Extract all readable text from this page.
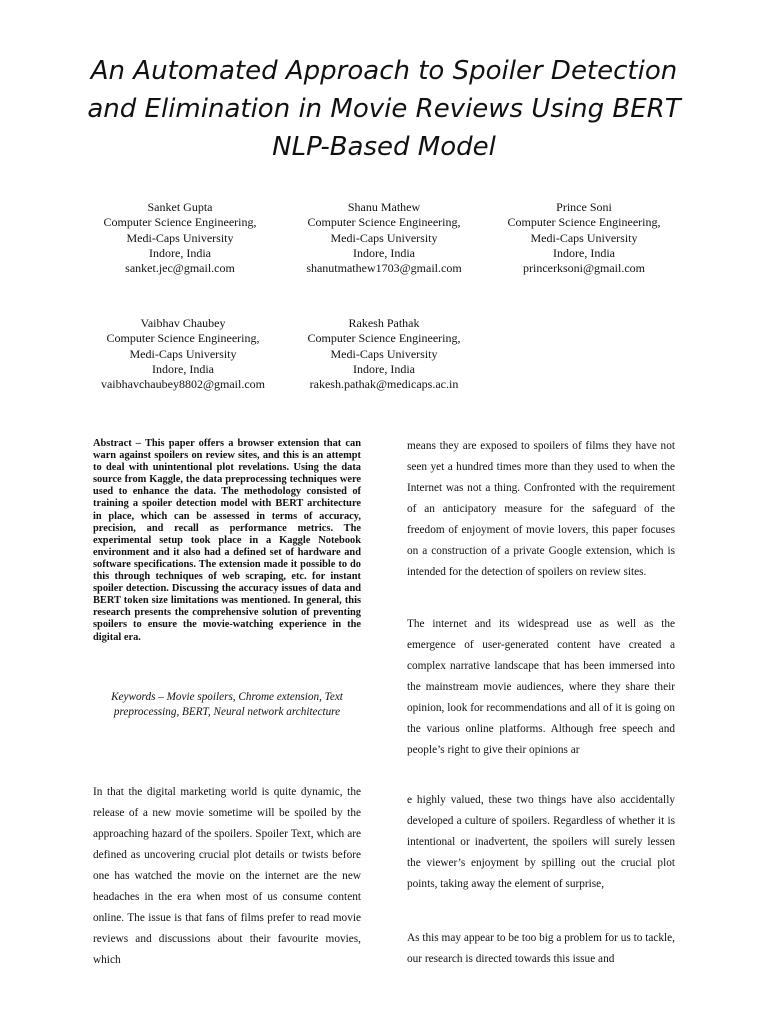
An Automated Approach to Spoiler Detection
and Elimination in Movie Reviews Using BERT
NLP-Based Model
Sanket Gupta
Computer Science Engineering,
Medi-Caps University
Indore, India
sanket.jec@gmail.com
Shanu Mathew
Computer Science Engineering,
Medi-Caps University
Indore, India
shanutmathew1703@gmail.com
Prince Soni
Computer Science Engineering,
Medi-Caps University
Indore, India
princerksoni@gmail.com
Vaibhav Chaubey
Computer Science Engineering,
Medi-Caps University
Indore, India
vaibhavchaubey8802@gmail.com
Rakesh Pathak
Computer Science Engineering,
Medi-Caps University
Indore, India
rakesh.pathak@medicaps.ac.in
Abstract – This paper offers a browser extension that can warn against spoilers on review sites, and this is an attempt to deal with unintentional plot revelations. Using the data source from Kaggle, the data preprocessing techniques were used to enhance the data. The methodology consisted of training a spoiler detection model with BERT architecture in place, which can be assessed in terms of accuracy, precision, and recall as performance metrics. The experimental setup took place in a Kaggle Notebook environment and it also had a defined set of hardware and software specifications. The extension made it possible to do this through techniques of web scraping, etc. for instant spoiler detection. Discussing the accuracy issues of data and BERT token size limitations was mentioned. In general, this research presents the comprehensive solution of preventing spoilers to ensure the movie-watching experience in the digital era.
Keywords – Movie spoilers, Chrome extension, Text preprocessing, BERT, Neural network architecture

In that the digital marketing world is quite dynamic, the release of a new movie sometime will be spoiled by the approaching hazard of the spoilers. Spoiler Text, which are defined as uncovering crucial plot details or twists before one has watched the movie on the internet are the new headaches in the era when most of us consume content online. The issue is that fans of films prefer to read movie reviews and discussions about their favourite movies, which

means they are exposed to spoilers of films they have not seen yet a hundred times more than they used to when the Internet was not a thing. Confronted with the requirement of an anticipatory measure for the safeguard of the freedom of enjoyment of movie lovers, this paper focuses on a construction of a private Google extension, which is intended for the detection of spoilers on review sites.

The internet and its widespread use as well as the emergence of user-generated content have created a complex narrative landscape that has been immersed into the mainstream movie audiences, where they share their opinion, look for recommendations and all of it is going on the various online platforms. Although free speech and people’s right to give their opinions ar

e highly valued, these two things have also accidentally developed a culture of spoilers. Regardless of whether it is intentional or inadvertent, the spoilers will surely lessen the viewer’s enjoyment by spilling out the crucial plot points, taking away the element of surprise,

As this may appear to be too big a problem for us to tackle, our research is directed towards this issue and
